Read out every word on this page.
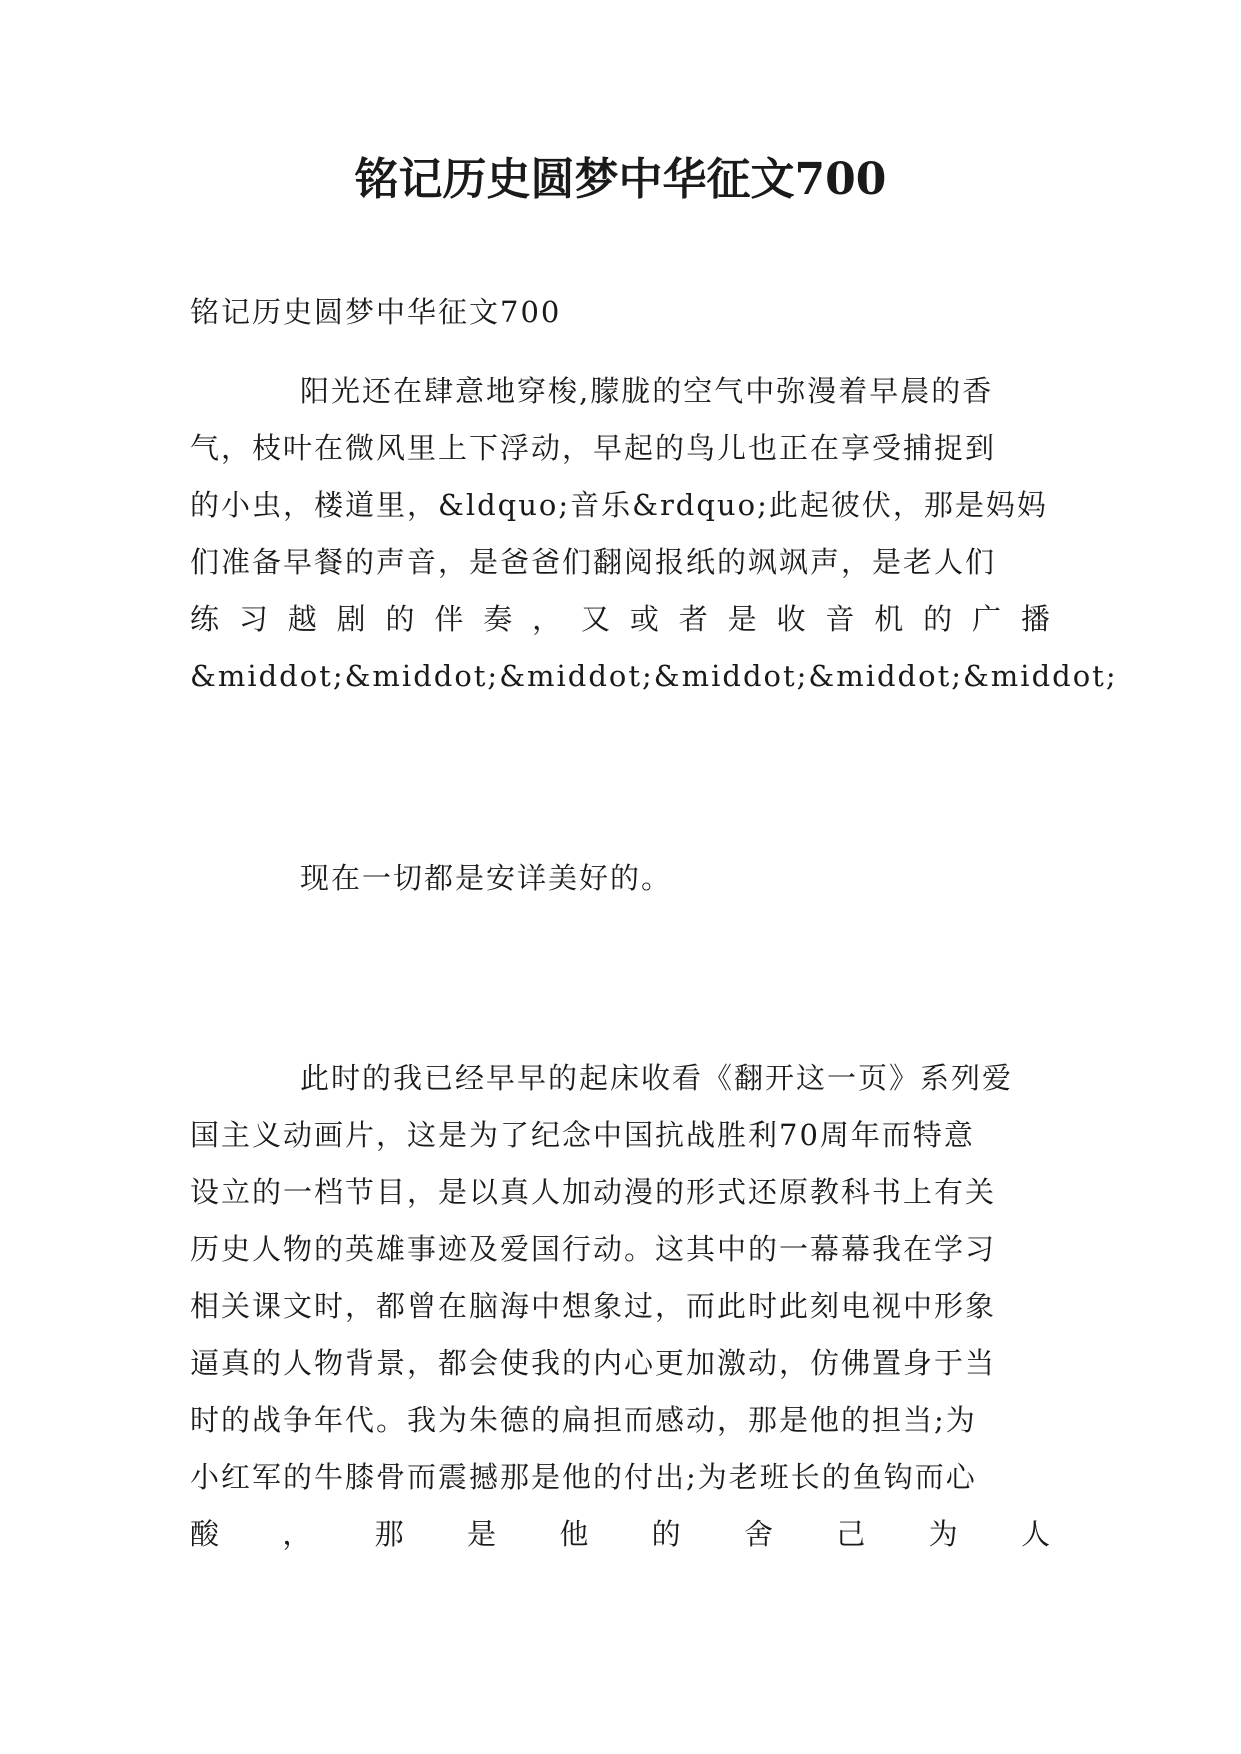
铭记历史圆梦中华征文700
铭记历史圆梦中华征文700
阳光还在肆意地穿梭,朦胧的空气中弥漫着早晨的香
气，枝叶在微风里上下浮动，早起的鸟儿也正在享受捕捉到
的小虫，楼道里，&ldquo;音乐&rdquo;此起彼伏，那是妈妈
们准备早餐的声音，是爸爸们翻阅报纸的飒飒声，是老人们
练 习 越 剧 的 伴 奏 ， 又 或 者 是 收 音 机 的 广 播
&middot;&middot;&middot;&middot;&middot;&middot;
现在一切都是安详美好的。
此时的我已经早早的起床收看《翻开这一页》系列爱
国主义动画片，这是为了纪念中国抗战胜利70周年而特意
设立的一档节目，是以真人加动漫的形式还原教科书上有关
历史人物的英雄事迹及爱国行动。这其中的一幕幕我在学习
相关课文时，都曾在脑海中想象过，而此时此刻电视中形象
逼真的人物背景，都会使我的内心更加激动，仿佛置身于当
时的战争年代。我为朱德的扁担而感动，那是他的担当;为
小红军的牛膝骨而震撼那是他的付出;为老班长的鱼钩而心
酸 ， 那 是 他 的 舍 己 为 人
